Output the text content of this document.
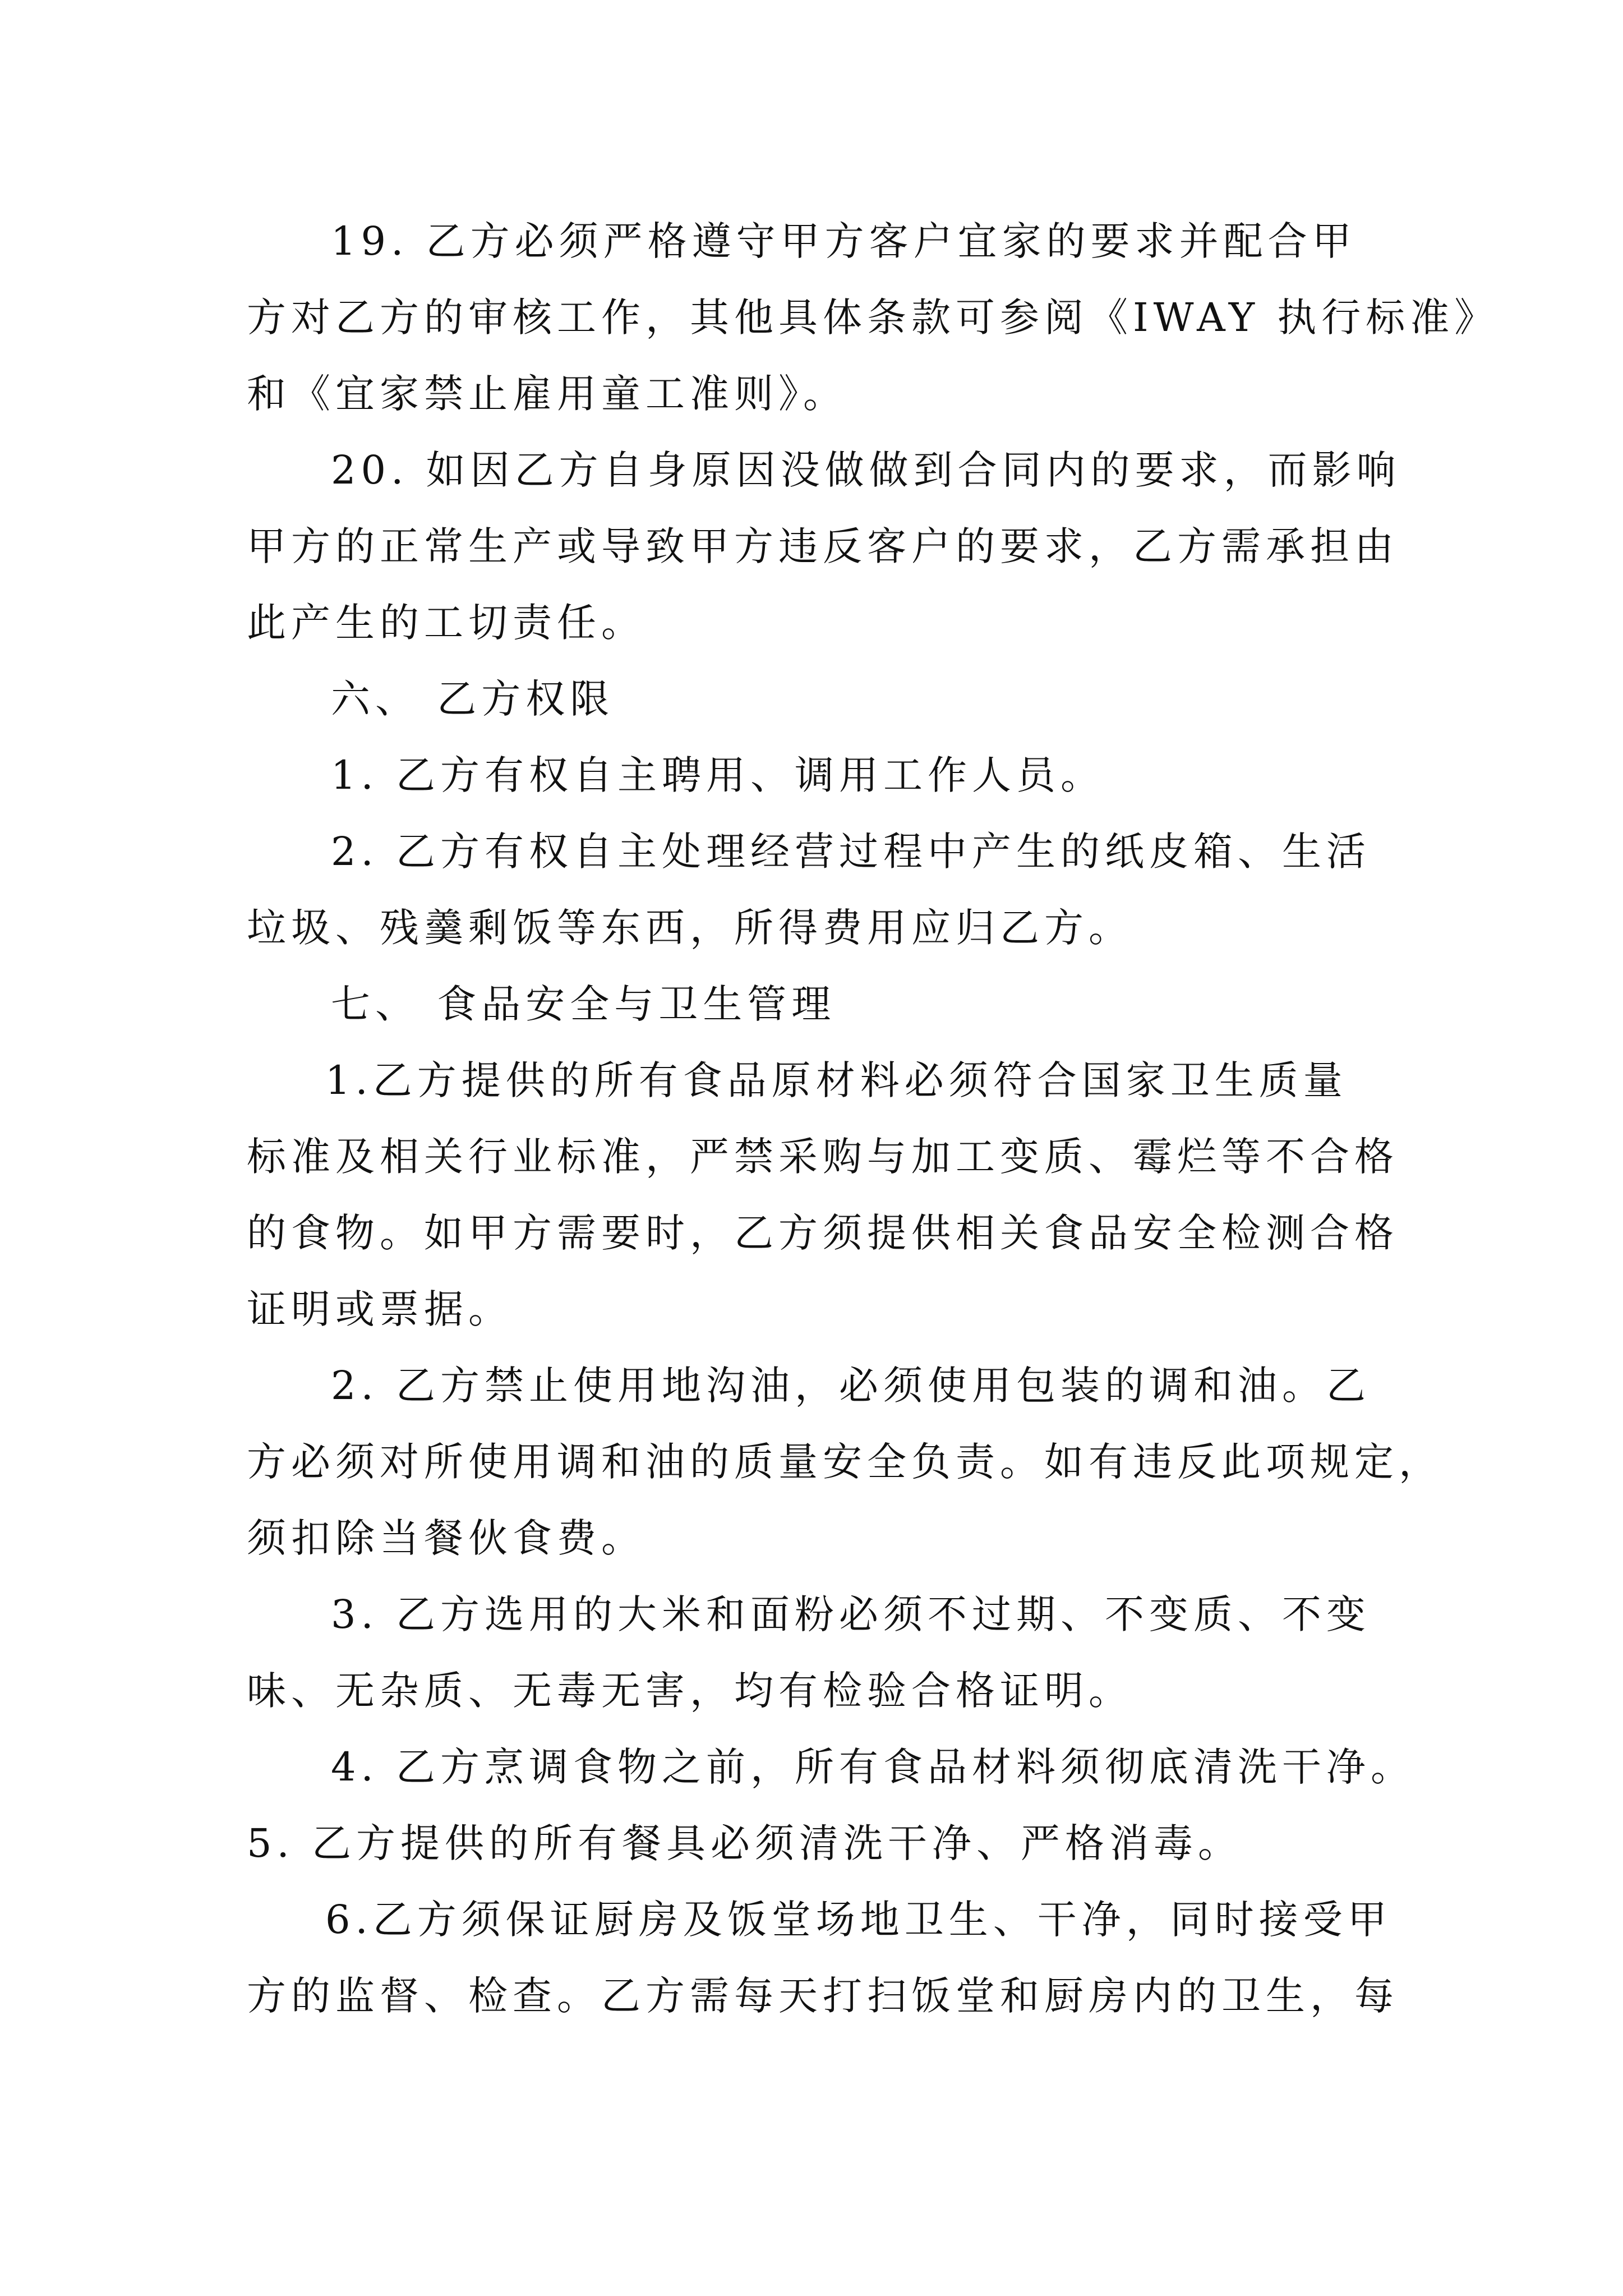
19. 乙方必须严格遵守甲方客户宜家的要求并配合甲
方对乙方的审核工作，其他具体条款可参阅《IWAY 执行标准》
和《宜家禁止雇用童工准则》。

20. 如因乙方自身原因没做做到合同内的要求，而影响
甲方的正常生产或导致甲方违反客户的要求，乙方需承担由
此产生的工切责任。

六、 乙方权限

1. 乙方有权自主聘用、调用工作人员。

2. 乙方有权自主处理经营过程中产生的纸皮箱、生活
垃圾、残羹剩饭等东西，所得费用应归乙方。

七、 食品安全与卫生管理

1.乙方提供的所有食品原材料必须符合国家卫生质量
标准及相关行业标准，严禁采购与加工变质、霉烂等不合格
的食物。如甲方需要时，乙方须提供相关食品安全检测合格
证明或票据。

2. 乙方禁止使用地沟油，必须使用包装的调和油。乙
方必须对所使用调和油的质量安全负责。如有违反此项规定，
须扣除当餐伙食费。

3. 乙方选用的大米和面粉必须不过期、不变质、不变
味、无杂质、无毒无害，均有检验合格证明。

4. 乙方烹调食物之前，所有食品材料须彻底清洗干净。

5. 乙方提供的所有餐具必须清洗干净、严格消毒。

6.乙方须保证厨房及饭堂场地卫生、干净，同时接受甲
方的监督、检查。乙方需每天打扫饭堂和厨房内的卫生，每
